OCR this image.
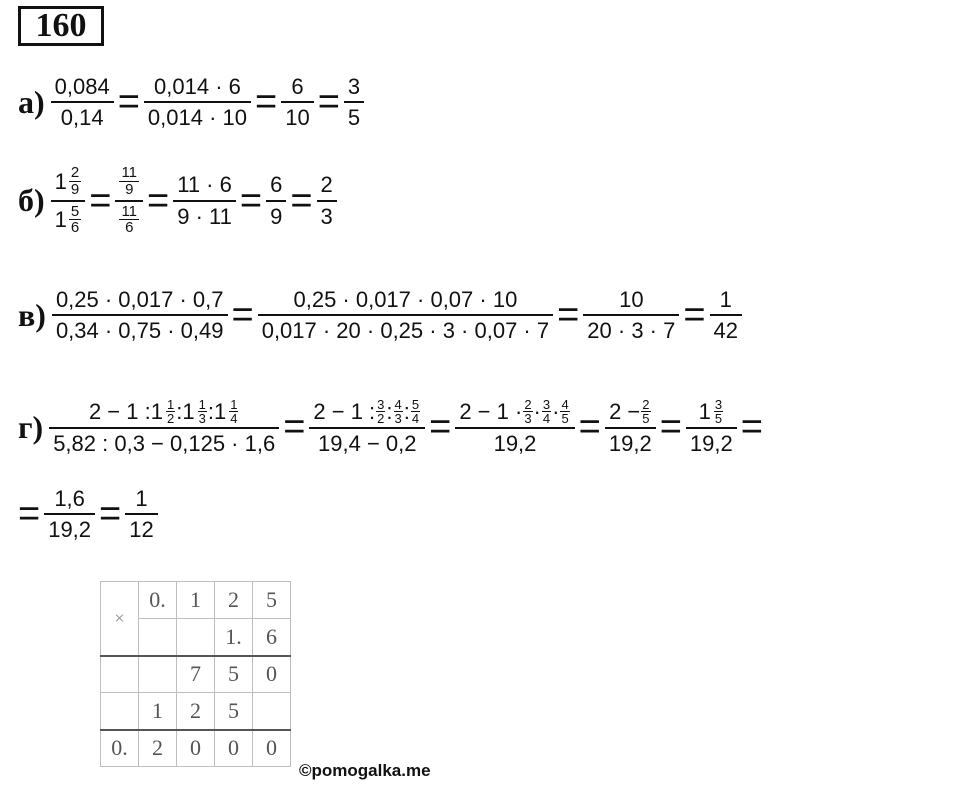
160
$а) \frac{0,084}{0,14} = \frac{0,014 \cdot 6}{0,014 \cdot 10} = \frac{6}{10} = \frac{3}{5}$
$б) \frac{1 \frac{2}{9}}{1 \frac{5}{6}} = \frac{\frac{11}{9}}{\frac{11}{6}} = \frac{11 \cdot 6}{9 \cdot 11} = \frac{6}{9} = \frac{2}{3}$
$в) \frac{0,25 \cdot 0,017 \cdot 0,7}{0,34 \cdot 0,75 \cdot 0,49} = \frac{0,25 \cdot 0,017 \cdot 0,07 \cdot 10}{0,017 \cdot 20 \cdot 0,25 \cdot 3 \cdot 0,07 \cdot 7} = \frac{10}{20 \cdot 3 \cdot 7} = \frac{1}{42}$
$г) \frac{2 - 1 : 1 \frac{1}{2} : 1 \frac{1}{3} : 1 \frac{1}{4}}{5,82 : 0,3 - 0,125 \cdot 1,6} = \frac{2 - 1 : \frac{3}{2} : \frac{4}{3} : \frac{5}{4}}{19,4 - 0,2} = \frac{2 - 1 \cdot \frac{2}{3} \cdot \frac{3}{4} \cdot \frac{4}{5}}{19,2} = \frac{2 - \frac{2}{5}}{19,2} = \frac{1 \frac{3}{5}}{19,2}$ =
= $\frac{1,6}{19,2} = \frac{1}{12}$
×	0.	1	2	5
			1.	6
		7	5	0
	1	2	5	
0.	2	0	0	0
©pomogalka.me
